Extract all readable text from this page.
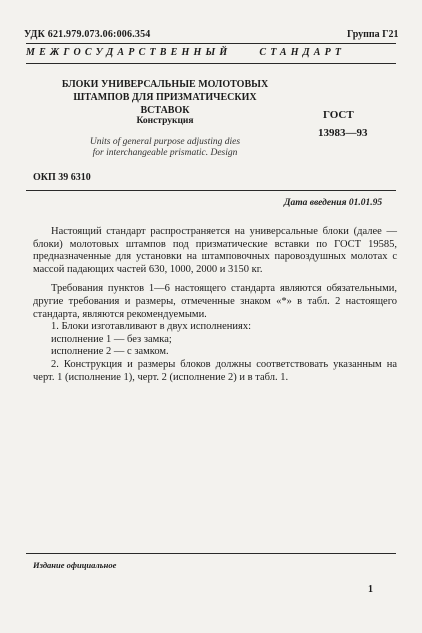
УДК 621.979.073.06:006.354	Группа Г21
МЕЖГОСУДАРСТВЕННЫЙ	СТАНДАРТ
БЛОКИ УНИВЕРСАЛЬНЫЕ МОЛОТОВЫХ
ШТАМПОВ ДЛЯ ПРИЗМАТИЧЕСКИХ ВСТАВОК
Конструкция
Units of general purpose adjusting dies
for interchangeable prismatic. Design
ГОСТ
13983—93
ОКП 39 6310
Дата введения 01.01.95

Настоящий стандарт распространяется на универсальные блоки (далее — блоки) молотовых штампов под призматические вставки по ГОСТ 19585, предназначенные для установки на штамповочных паровоздушных молотах с массой падающих частей 630, 1000, 2000 и 3150 кг.

Требования пунктов 1—6 настоящего стандарта являются обязательными, другие требования и размеры, отмеченные знаком «*» в табл. 2 настоящего стандарта, являются рекомендуемыми.

1. Блоки изготавливают в двух исполнениях:

исполнение 1 — без замка;

исполнение 2 — с замком.

2. Конструкция и размеры блоков должны соответствовать указанным на черт. 1 (исполнение 1), черт. 2 (исполнение 2) и в табл. 1.

Издание официальное
1
